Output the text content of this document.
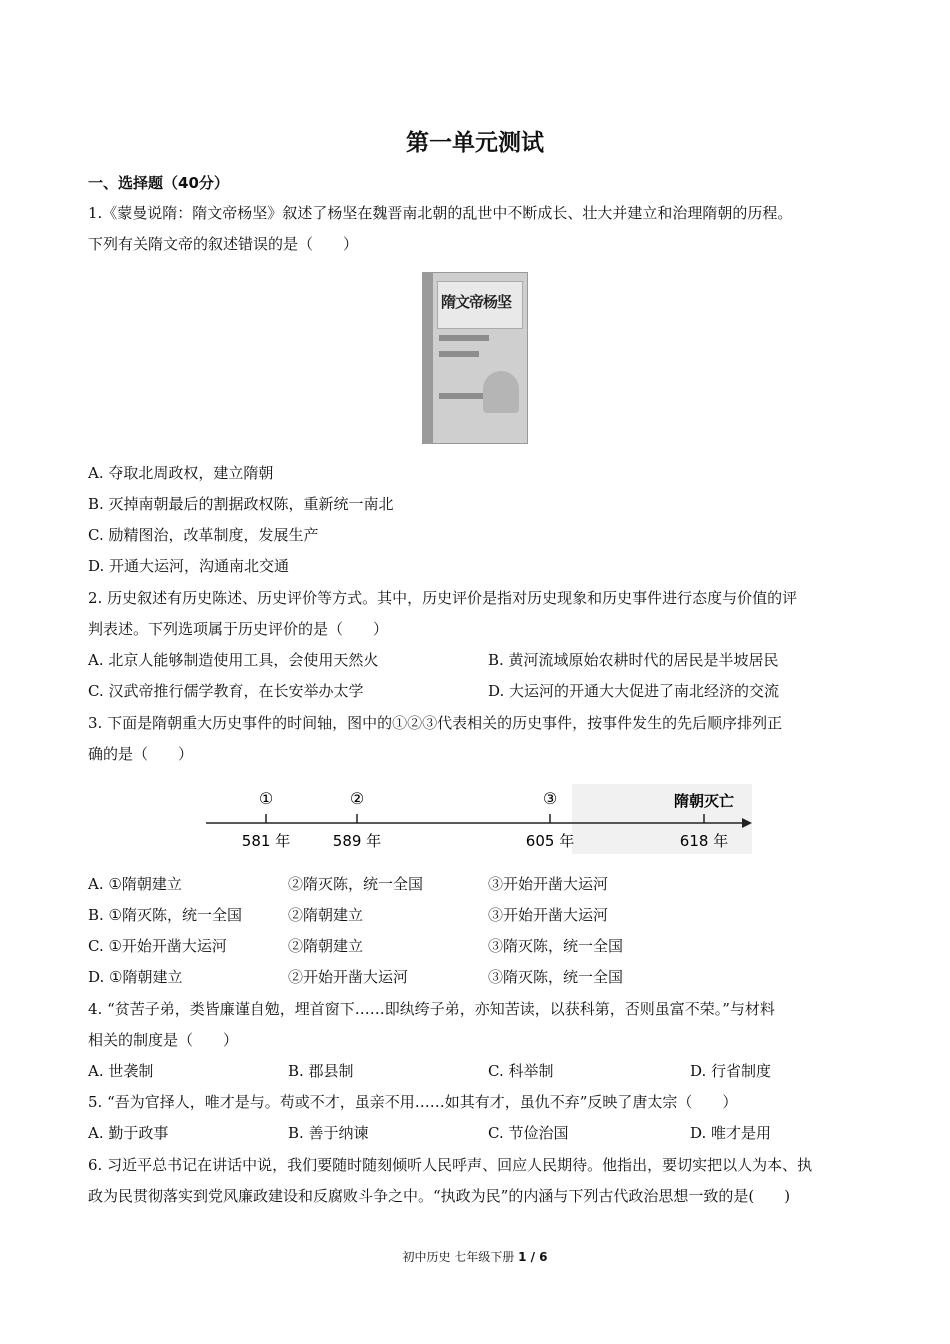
第一单元测试
一、选择题（40分）
1.《蒙曼说隋：隋文帝杨坚》叙述了杨坚在魏晋南北朝的乱世中不断成长、壮大并建立和治理隋朝的历程。
下列有关隋文帝的叙述错误的是（　　）
隋文帝杨坚
A. 夺取北周政权，建立隋朝
B. 灭掉南朝最后的割据政权陈，重新统一南北
C. 励精图治，改革制度，发展生产
D. 开通大运河，沟通南北交通
2. 历史叙述有历史陈述、历史评价等方式。其中，历史评价是指对历史现象和历史事件进行态度与价值的评
判表述。下列选项属于历史评价的是（　　）
A. 北京人能够制造使用工具，会使用天然火	B. 黄河流域原始农耕时代的居民是半坡居民
C. 汉武帝推行儒学教育，在长安举办太学	D. 大运河的开通大大促进了南北经济的交流
3. 下面是隋朝重大历史事件的时间轴，图中的①②③代表相关的历史事件，按事件发生的先后顺序排列正
确的是（　　）
①	②	③	隋朝灭亡
581 年	589 年	605 年	618 年
A. ①隋朝建立	②隋灭陈，统一全国	③开始开凿大运河
B. ①隋灭陈，统一全国	②隋朝建立	③开始开凿大运河
C. ①开始开凿大运河	②隋朝建立	③隋灭陈，统一全国
D. ①隋朝建立	②开始开凿大运河	③隋灭陈，统一全国
4. “贫苦子弟，类皆廉谨自勉，埋首窗下……即纨绔子弟，亦知苦读，以获科第，否则虽富不荣。”与材料
相关的制度是（　　）
A. 世袭制	B. 郡县制	C. 科举制	D. 行省制度
5. “吾为官择人，唯才是与。苟或不才，虽亲不用……如其有才，虽仇不弃”反映了唐太宗（　　）
A. 勤于政事	B. 善于纳谏	C. 节俭治国	D. 唯才是用
6. 习近平总书记在讲话中说，我们要随时随刻倾听人民呼声、回应人民期待。他指出，要切实把以人为本、执
政为民贯彻落实到党风廉政建设和反腐败斗争之中。“执政为民”的内涵与下列古代政治思想一致的是(　　)
初中历史 七年级下册 1 / 6
